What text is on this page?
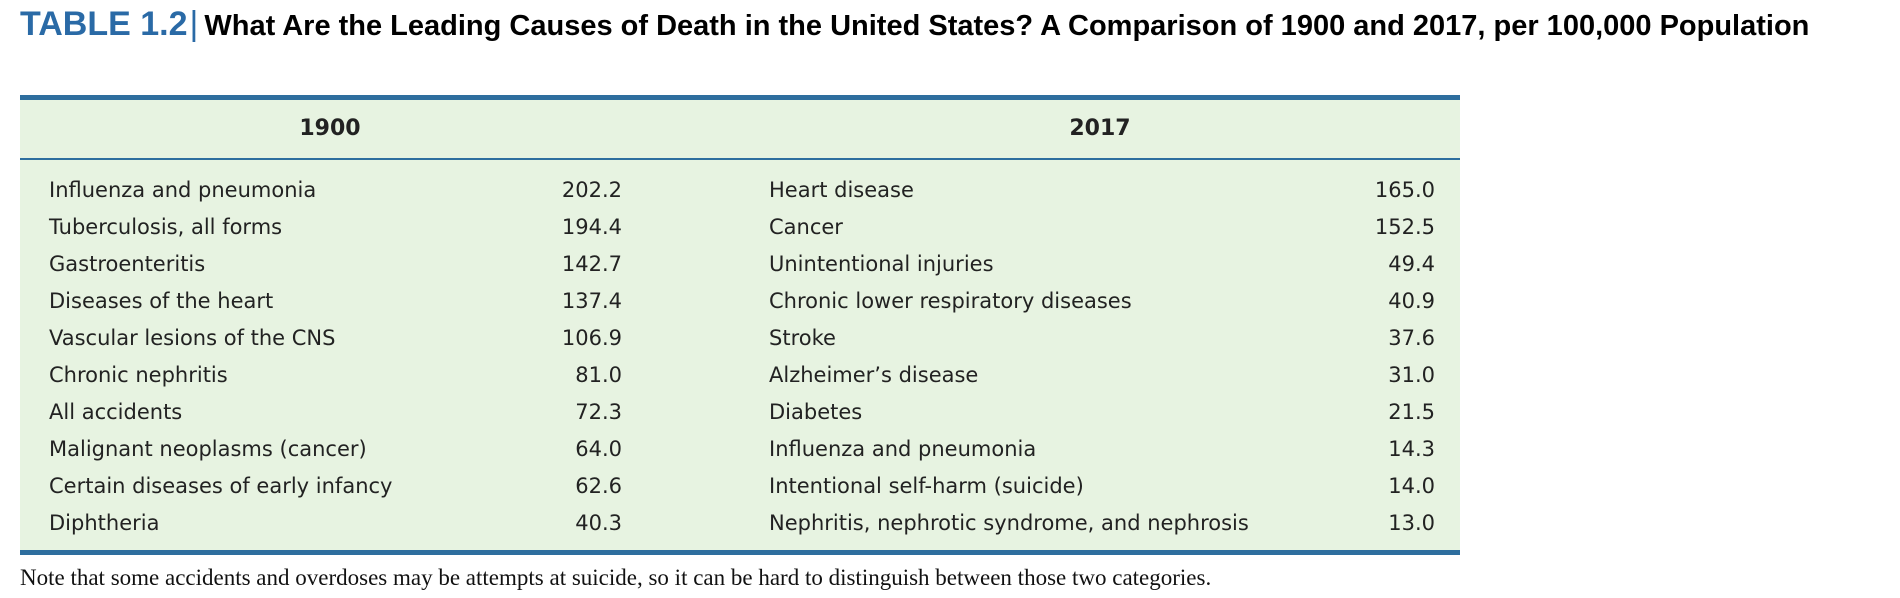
TABLE 1.2| What Are the Leading Causes of Death in the United States? A Comparison of 1900 and 2017, per 100,000 Population
1900	2017
Influenza and pneumonia	202.2	Heart disease	165.0
Tuberculosis, all forms	194.4	Cancer	152.5
Gastroenteritis	142.7	Unintentional injuries	49.4
Diseases of the heart	137.4	Chronic lower respiratory diseases	40.9
Vascular lesions of the CNS	106.9	Stroke	37.6
Chronic nephritis	81.0	Alzheimer’s disease	31.0
All accidents	72.3	Diabetes	21.5
Malignant neoplasms (cancer)	64.0	Influenza and pneumonia	14.3
Certain diseases of early infancy	62.6	Intentional self-harm (suicide)	14.0
Diphtheria	40.3	Nephritis, nephrotic syndrome, and nephrosis	13.0
Note that some accidents and overdoses may be attempts at suicide, so it can be hard to distinguish between those two categories.
